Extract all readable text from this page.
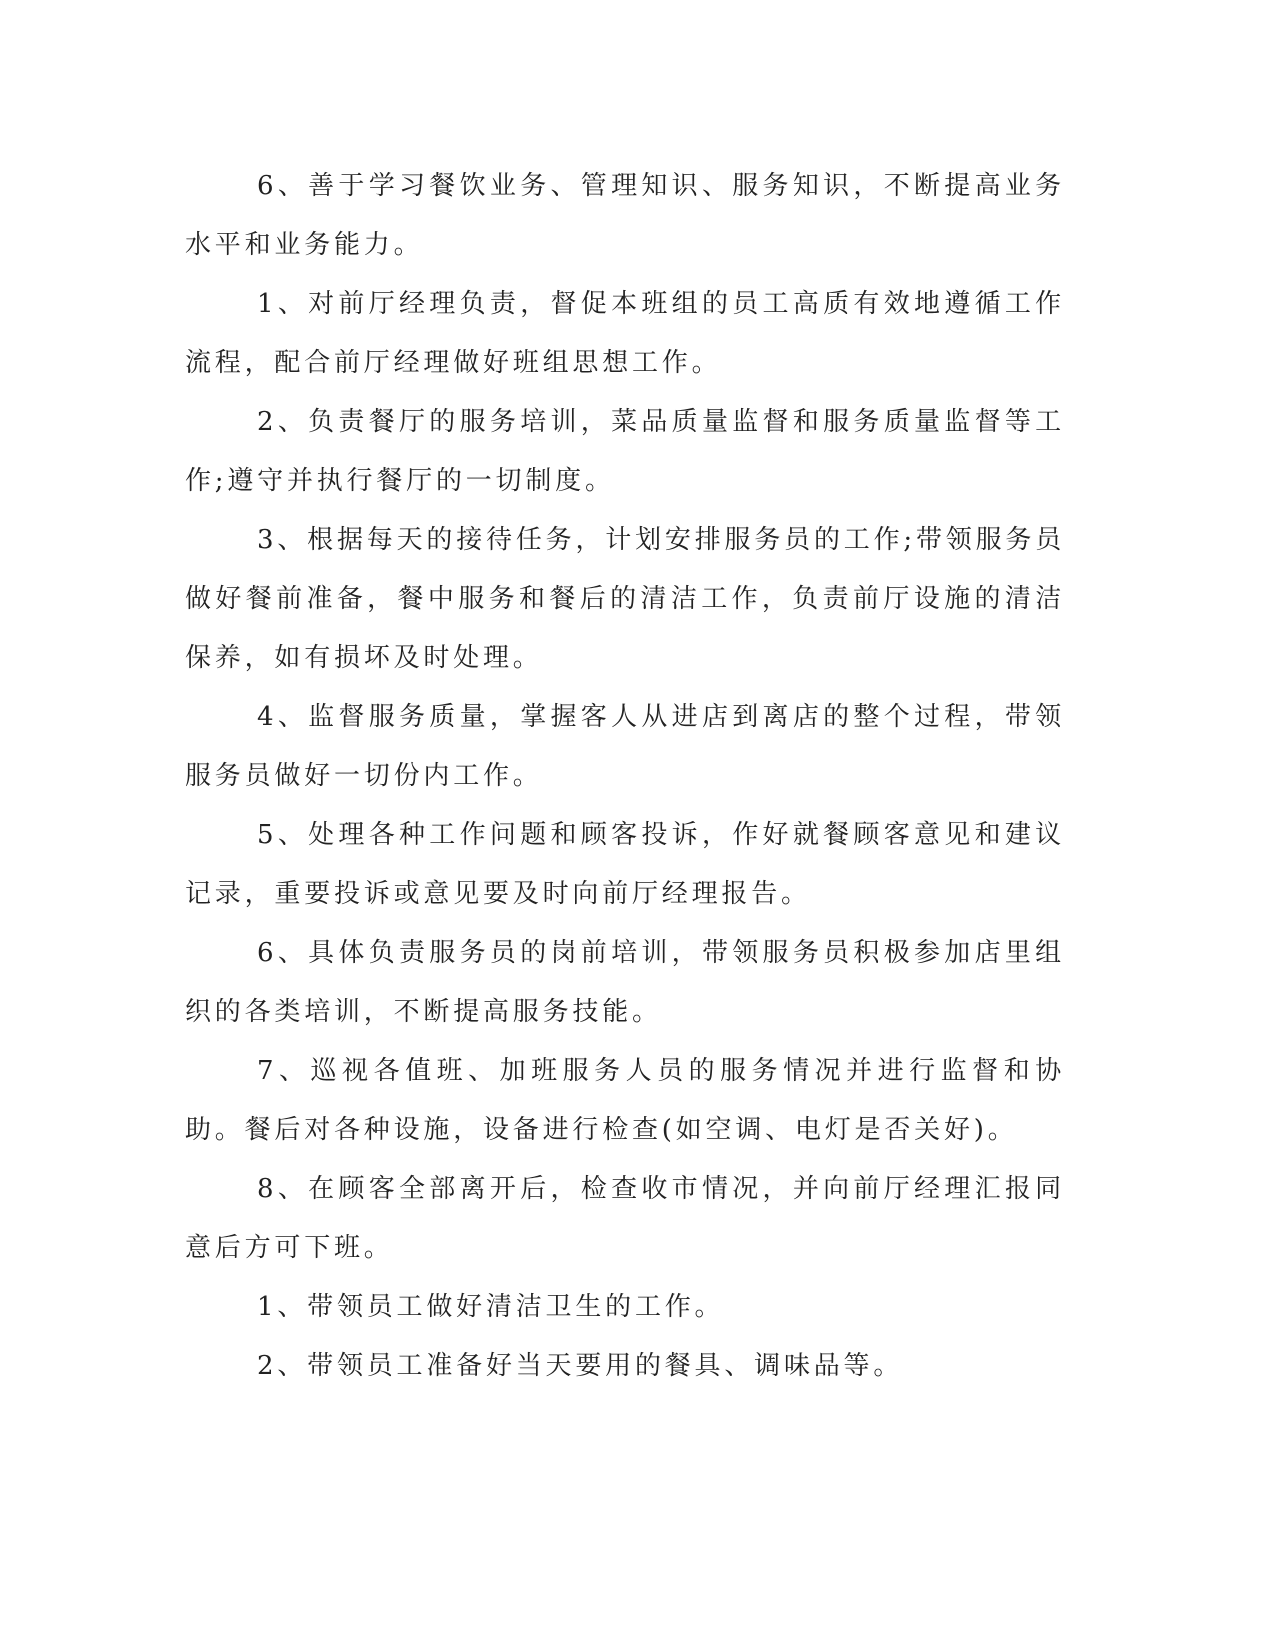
6、善于学习餐饮业务、管理知识、服务知识，不断提高业务水平和业务能力。

1、对前厅经理负责，督促本班组的员工高质有效地遵循工作流程，配合前厅经理做好班组思想工作。

2、负责餐厅的服务培训，菜品质量监督和服务质量监督等工作;遵守并执行餐厅的一切制度。

3、根据每天的接待任务，计划安排服务员的工作;带领服务员做好餐前准备，餐中服务和餐后的清洁工作，负责前厅设施的清洁保养，如有损坏及时处理。

4、监督服务质量，掌握客人从进店到离店的整个过程，带领服务员做好一切份内工作。

5、处理各种工作问题和顾客投诉，作好就餐顾客意见和建议记录，重要投诉或意见要及时向前厅经理报告。

6、具体负责服务员的岗前培训，带领服务员积极参加店里组织的各类培训，不断提高服务技能。

7、巡视各值班、加班服务人员的服务情况并进行监督和协助。餐后对各种设施，设备进行检查(如空调、电灯是否关好)。

8、在顾客全部离开后，检查收市情况，并向前厅经理汇报同意后方可下班。

1、带领员工做好清洁卫生的工作。

2、带领员工准备好当天要用的餐具、调味品等。
